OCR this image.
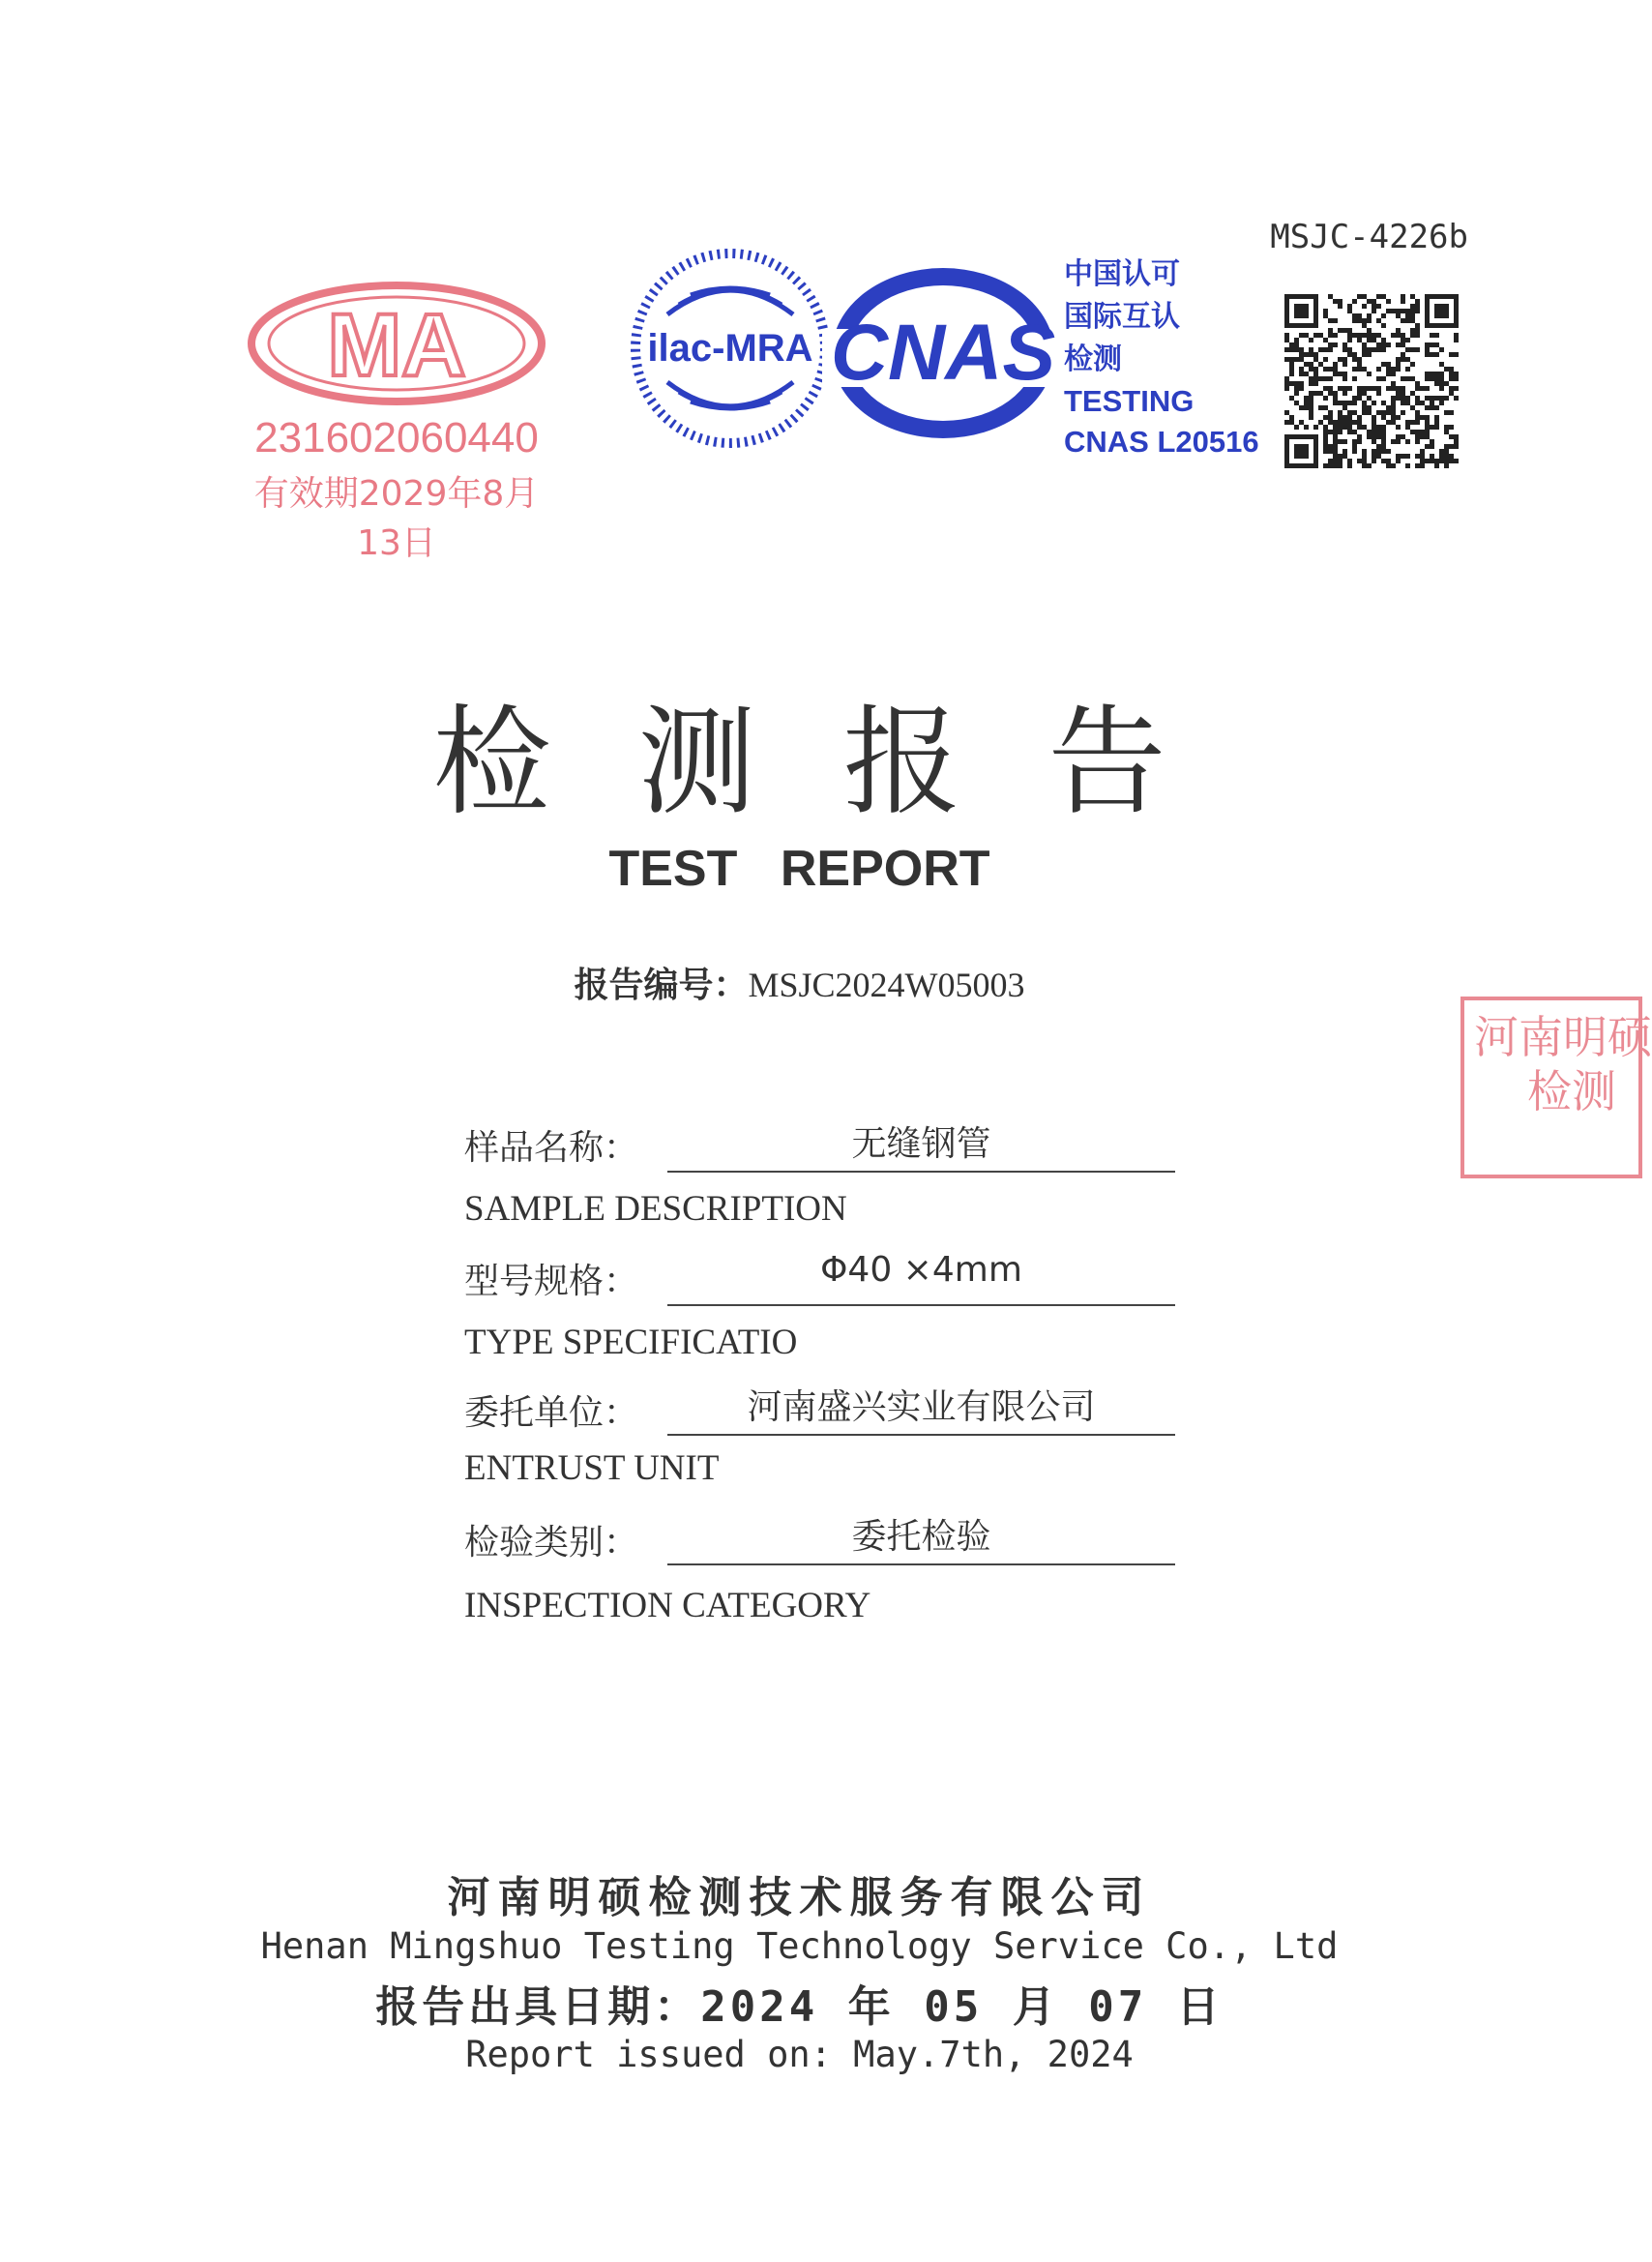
MA
231602060440
有效期2029年8月13日
ilac-MRA CNAS
中国认可
国际互认
检测
TESTING
CNAS L20516
MSJC-4226b
检测报告
TEST REPORT
报告编号：MSJC2024W05003
河南明硕
检测
样品名称：	无缝钢管
SAMPLE DESCRIPTION
型号规格：	Φ40 ×4mm
TYPE SPECIFICATIO
委托单位：	河南盛兴实业有限公司
ENTRUST UNIT
检验类别：	委托检验
INSPECTION CATEGORY
河南明硕检测技术服务有限公司
Henan Mingshuo Testing Technology Service Co., Ltd
报告出具日期：2024 年 05 月 07 日
Report issued on: May.7th, 2024
